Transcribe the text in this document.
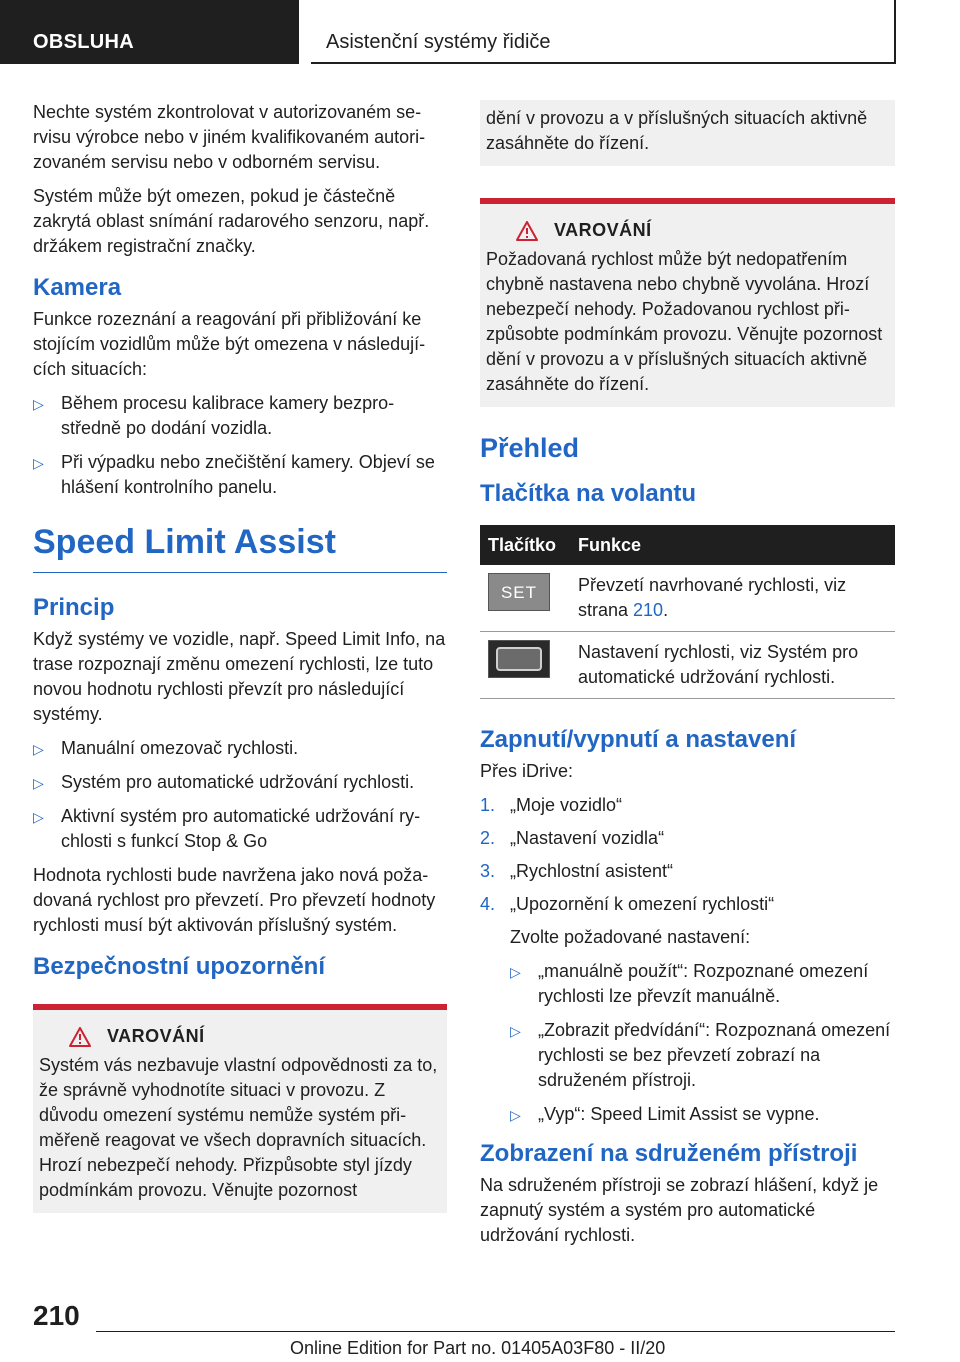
OBSLUHA	Asistenční systémy řidiče

Nechte systém zkontrolovat v autorizovaném servisu výrobce nebo v jiném kvalifikovaném autorizovaném servisu nebo v odborném servisu.

Systém může být omezen, pokud je částečně zakrytá oblast snímání radarového senzoru, např. držákem registrační značky.

Kamera

Funkce rozeznání a reagování při přibližování ke stojícím vozidlům může být omezena v následujících situacích:

▷ Během procesu kalibrace kamery bezprostředně po dodání vozidla.
▷ Při výpadku nebo znečištění kamery. Objeví se hlášení kontrolního panelu.
Speed Limit Assist
Princip

Když systémy ve vozidle, např. Speed Limit Info, na trase rozpoznají změnu omezení rychlosti, lze tuto novou hodnotu rychlosti převzít pro následující systémy.

▷ Manuální omezovač rychlosti.
▷ Systém pro automatické udržování rychlosti.
▷ Aktivní systém pro automatické udržování rychlosti s funkcí Stop & Go

Hodnota rychlosti bude navržena jako nová požadovaná rychlost pro převzetí. Pro převzetí hodnoty rychlosti musí být aktivován příslušný systém.

Bezpečnostní upozornění
VAROVÁNÍ

Systém vás nezbavuje vlastní odpovědnosti za to, že správně vyhodnotíte situaci v provozu. Z důvodu omezení systému nemůže systém přiměřeně reagovat ve všech dopravních situacích. Hrozí nebezpečí nehody. Přizpůsobte styl jízdy podmínkám provozu. Věnujte pozornost

dění v provozu a v příslušných situacích aktivně zasáhněte do řízení.

VAROVÁNÍ

Požadovaná rychlost může být nedopatřením chybně nastavena nebo chybně vyvolána. Hrozí nebezpečí nehody. Požadovanou rychlost přizpůsobte podmínkám provozu. Věnujte pozornost dění v provozu a v příslušných situacích aktivně zasáhněte do řízení.

Přehled
Tlačítka na volantu
Tlačítko	Funkce

SET	Převzetí navrhované rychlosti, viz strana 210.

	Nastavení rychlosti, viz Systém pro automatické udržování rychlosti.
Zapnutí/vypnutí a nastavení

Přes iDrive:

1. „Moje vozidlo“
2. „Nastavení vozidla“
3. „Rychlostní asistent“
4. „Upozornění k omezení rychlosti“

Zvolte požadované nastavení:

▷ „manuálně použít“: Rozpoznané omezení rychlosti lze převzít manuálně.
▷ „Zobrazit předvídání“: Rozpoznaná omezení rychlosti se bez převzetí zobrazí na sdruženém přístroji.
▷ „Vyp“: Speed Limit Assist se vypne.
Zobrazení na sdruženém přístroji

Na sdruženém přístroji se zobrazí hlášení, když je zapnutý systém a systém pro automatické udržování rychlosti.

210
Online Edition for Part no. 01405A03F80 - II/20
